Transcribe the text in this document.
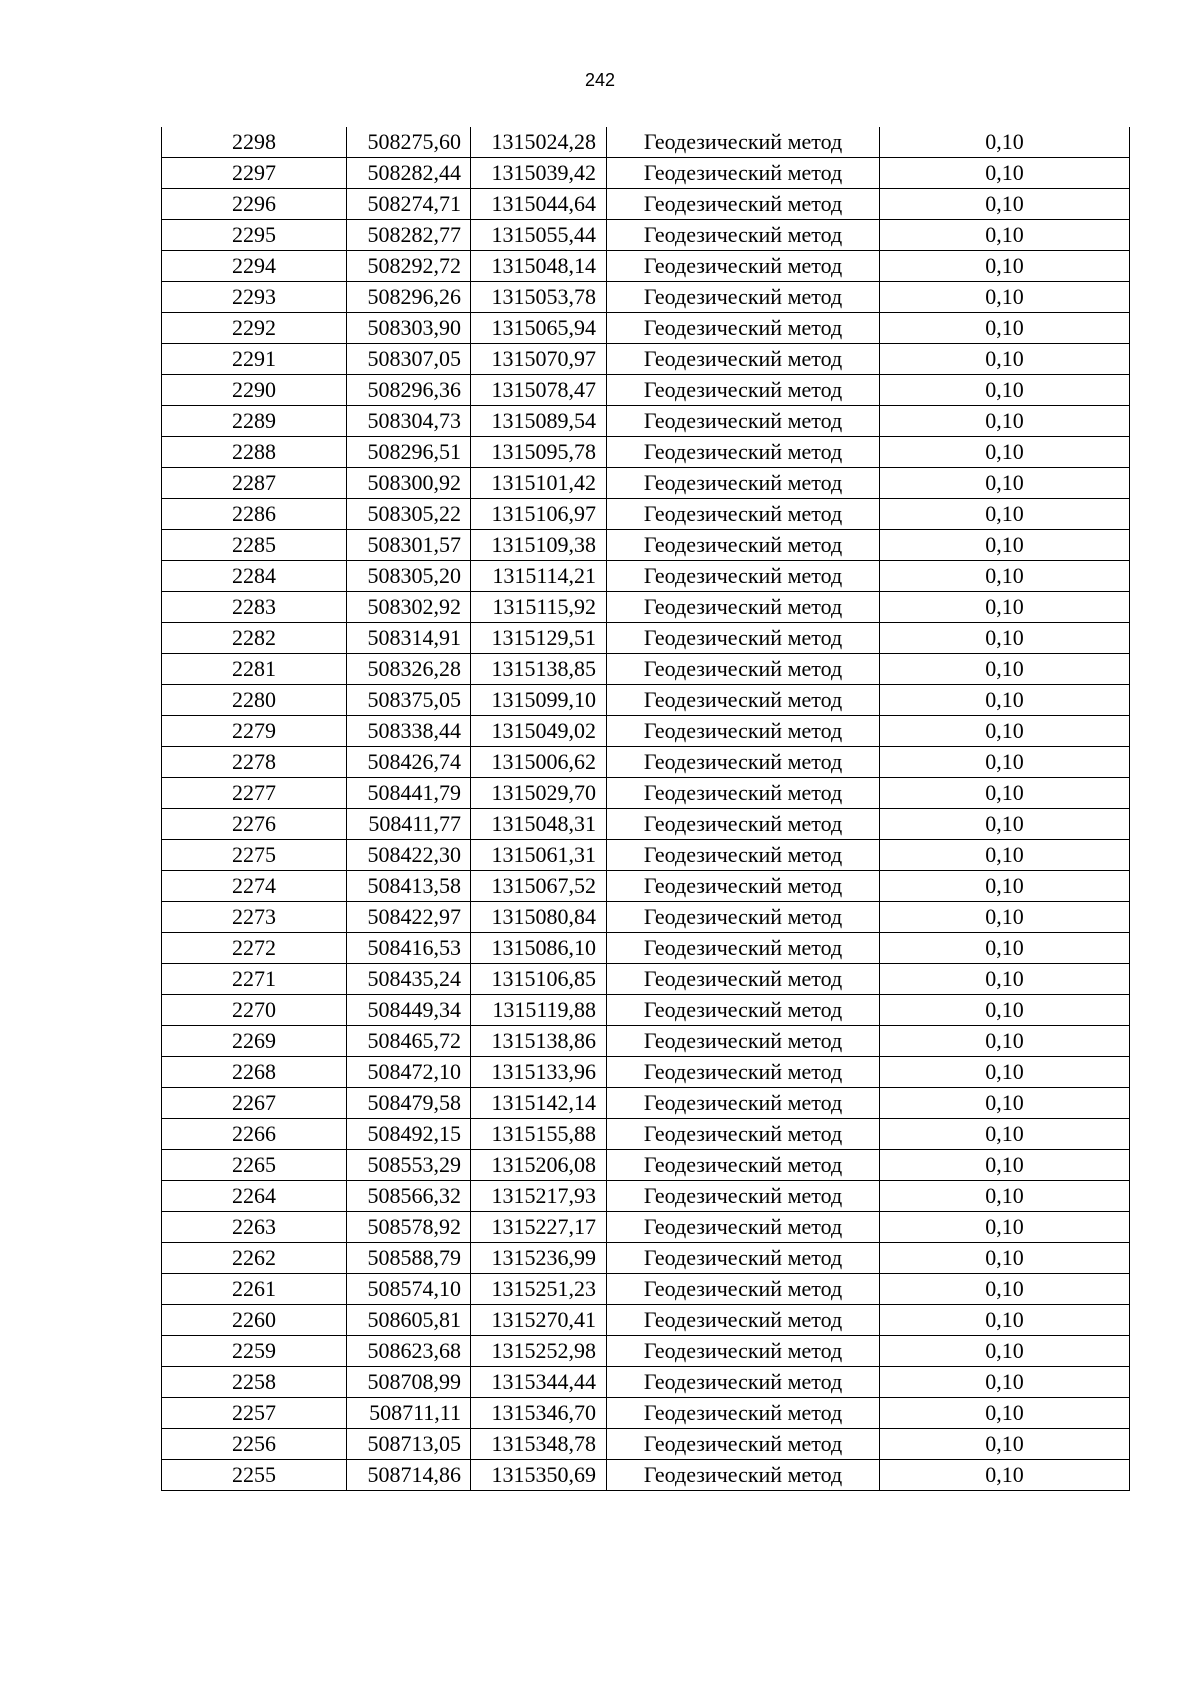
242
2298	508275,60	1315024,28	Геодезический метод	0,10
2297	508282,44	1315039,42	Геодезический метод	0,10
2296	508274,71	1315044,64	Геодезический метод	0,10
2295	508282,77	1315055,44	Геодезический метод	0,10
2294	508292,72	1315048,14	Геодезический метод	0,10
2293	508296,26	1315053,78	Геодезический метод	0,10
2292	508303,90	1315065,94	Геодезический метод	0,10
2291	508307,05	1315070,97	Геодезический метод	0,10
2290	508296,36	1315078,47	Геодезический метод	0,10
2289	508304,73	1315089,54	Геодезический метод	0,10
2288	508296,51	1315095,78	Геодезический метод	0,10
2287	508300,92	1315101,42	Геодезический метод	0,10
2286	508305,22	1315106,97	Геодезический метод	0,10
2285	508301,57	1315109,38	Геодезический метод	0,10
2284	508305,20	1315114,21	Геодезический метод	0,10
2283	508302,92	1315115,92	Геодезический метод	0,10
2282	508314,91	1315129,51	Геодезический метод	0,10
2281	508326,28	1315138,85	Геодезический метод	0,10
2280	508375,05	1315099,10	Геодезический метод	0,10
2279	508338,44	1315049,02	Геодезический метод	0,10
2278	508426,74	1315006,62	Геодезический метод	0,10
2277	508441,79	1315029,70	Геодезический метод	0,10
2276	508411,77	1315048,31	Геодезический метод	0,10
2275	508422,30	1315061,31	Геодезический метод	0,10
2274	508413,58	1315067,52	Геодезический метод	0,10
2273	508422,97	1315080,84	Геодезический метод	0,10
2272	508416,53	1315086,10	Геодезический метод	0,10
2271	508435,24	1315106,85	Геодезический метод	0,10
2270	508449,34	1315119,88	Геодезический метод	0,10
2269	508465,72	1315138,86	Геодезический метод	0,10
2268	508472,10	1315133,96	Геодезический метод	0,10
2267	508479,58	1315142,14	Геодезический метод	0,10
2266	508492,15	1315155,88	Геодезический метод	0,10
2265	508553,29	1315206,08	Геодезический метод	0,10
2264	508566,32	1315217,93	Геодезический метод	0,10
2263	508578,92	1315227,17	Геодезический метод	0,10
2262	508588,79	1315236,99	Геодезический метод	0,10
2261	508574,10	1315251,23	Геодезический метод	0,10
2260	508605,81	1315270,41	Геодезический метод	0,10
2259	508623,68	1315252,98	Геодезический метод	0,10
2258	508708,99	1315344,44	Геодезический метод	0,10
2257	508711,11	1315346,70	Геодезический метод	0,10
2256	508713,05	1315348,78	Геодезический метод	0,10
2255	508714,86	1315350,69	Геодезический метод	0,10
